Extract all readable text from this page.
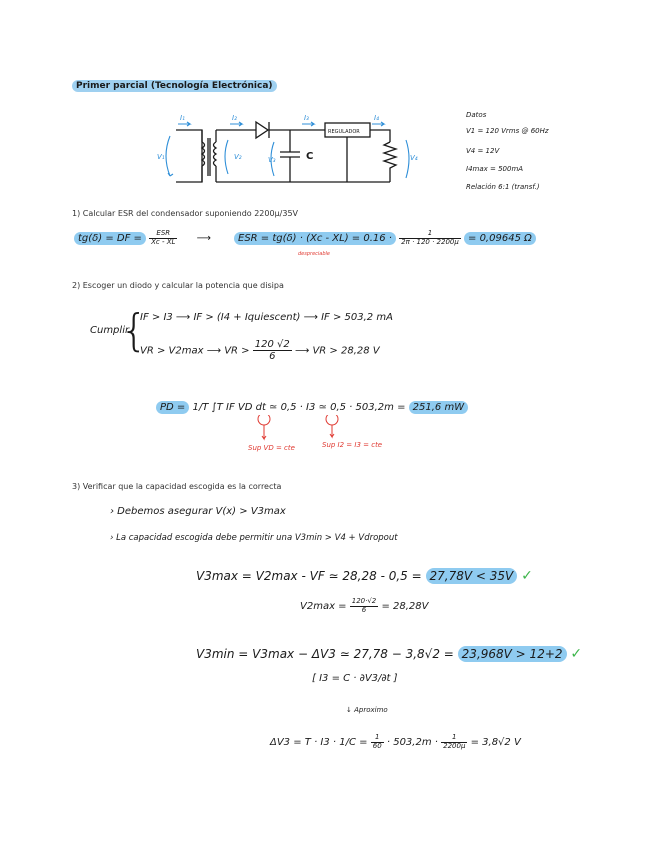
Primer parcial (Tecnología Electrónica)
I₁	I₂	I₃	I₄
V₁	V₂	V₃	V₄
C
REGULADOR
Datos
V1 = 120 Vrms @ 60Hz
V4 = 12V
I4max = 500mA
Relación 6:1 (transf.)
1) Calcular ESR del condensador suponiendo 2200μ/35V
tg(δ) = DF = $\frac{\text{ESR}}{Xc - XL}$ ⟶	ESR = $tg(\delta) \cdot (Xc - XL) = 0.16 \cdot \frac{1}{2\pi \cdot 120 \cdot 2200\mu} = 0,09645$ Ω
despreciable
2) Escoger un diodo y calcular la potencia que disipa
Cumplir
{
IF > I3 ⟶ IF > (I4 + Iquiescent) ⟶ IF > 503,2 mA
VR > V2max ⟶ VR > $\frac{120 √2}{6}$ ⟶ VR > 28,28 V
PD = 1/T ∫T IF VD dt ≃ 0,5 · I3 ≃ 0,5 · 503,2m = 251,6 mW
Sup VD = cte	Sup I2 = I3 = cte
3) Verificar que la capacidad escogida es la correcta
› Debemos asegurar V(x) > V3max
› La capacidad escogida debe permitir una V3min > V4 + Vdropout
V3max = V2max - VF ≃ 28,28 - 0,5 = 27,78V < 35V ✓
$V2\max = \frac{120\cdot√2}{6} = 28,28V$
V3min = V3max − ΔV3 ≃ 27,78 − 3,8√2 = 23,968V > 12+2 ✓
[ I3 = C · ∂V3/∂t ]
↓ Aproximo
$\Delta V3 = T \cdot I3 \cdot 1/C = \frac{1}{60} \cdot 503,2m \cdot \frac{1}{2200\mu} = 3,8√2$ V
